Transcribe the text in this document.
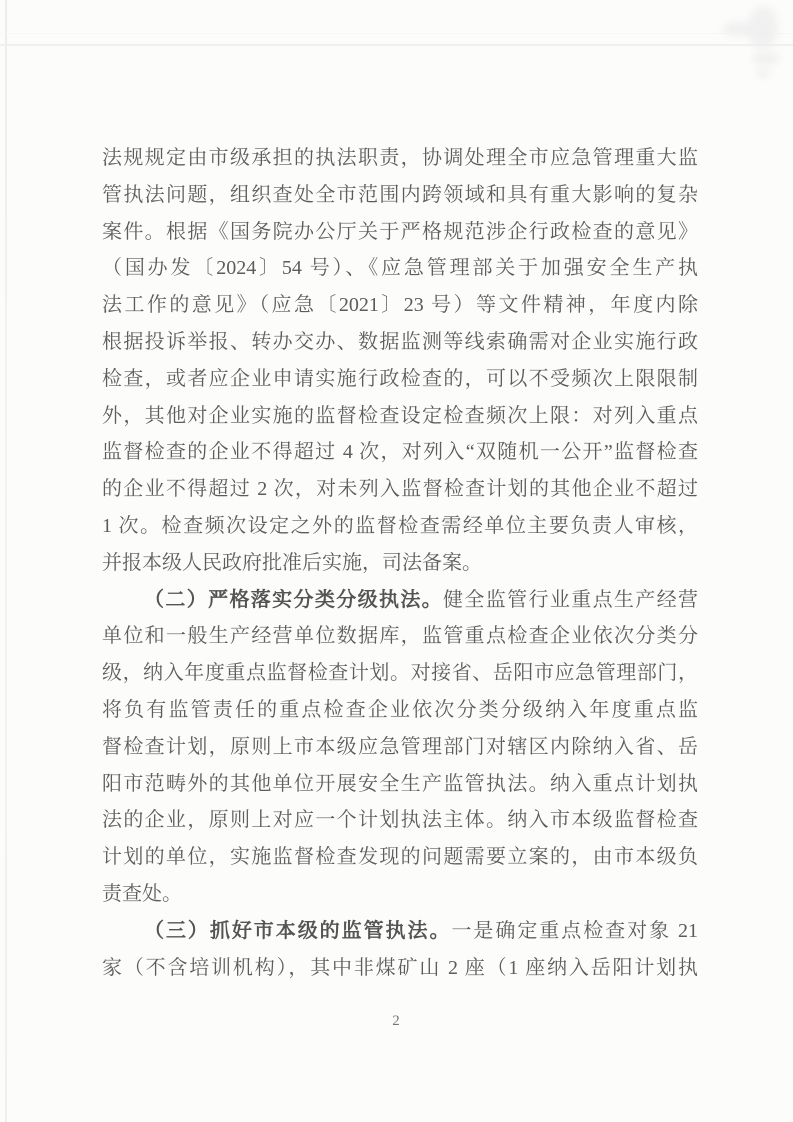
法规规定由市级承担的执法职责，协调处理全市应急管理重大监
管执法问题，组织查处全市范围内跨领域和具有重大影响的复杂
案件。根据《国务院办公厅关于严格规范涉企行政检查的意见》
（国办发〔2024〕54 号）、《应急管理部关于加强安全生产执
法工作的意见》（应急〔2021〕23 号）等文件精神，年度内除
根据投诉举报、转办交办、数据监测等线索确需对企业实施行政
检查，或者应企业申请实施行政检查的，可以不受频次上限限制
外，其他对企业实施的监督检查设定检查频次上限：对列入重点
监督检查的企业不得超过 4 次，对列入“双随机一公开”监督检查
的企业不得超过 2 次，对未列入监督检查计划的其他企业不超过
1 次。检查频次设定之外的监督检查需经单位主要负责人审核，
并报本级人民政府批准后实施，司法备案。
（二）严格落实分类分级执法。健全监管行业重点生产经营
单位和一般生产经营单位数据库，监管重点检查企业依次分类分
级，纳入年度重点监督检查计划。对接省、岳阳市应急管理部门，
将负有监管责任的重点检查企业依次分类分级纳入年度重点监
督检查计划，原则上市本级应急管理部门对辖区内除纳入省、岳
阳市范畴外的其他单位开展安全生产监管执法。纳入重点计划执
法的企业，原则上对应一个计划执法主体。纳入市本级监督检查
计划的单位，实施监督检查发现的问题需要立案的，由市本级负
责查处。
（三）抓好市本级的监管执法。一是确定重点检查对象 21
家（不含培训机构），其中非煤矿山 2 座（1 座纳入岳阳计划执
2
